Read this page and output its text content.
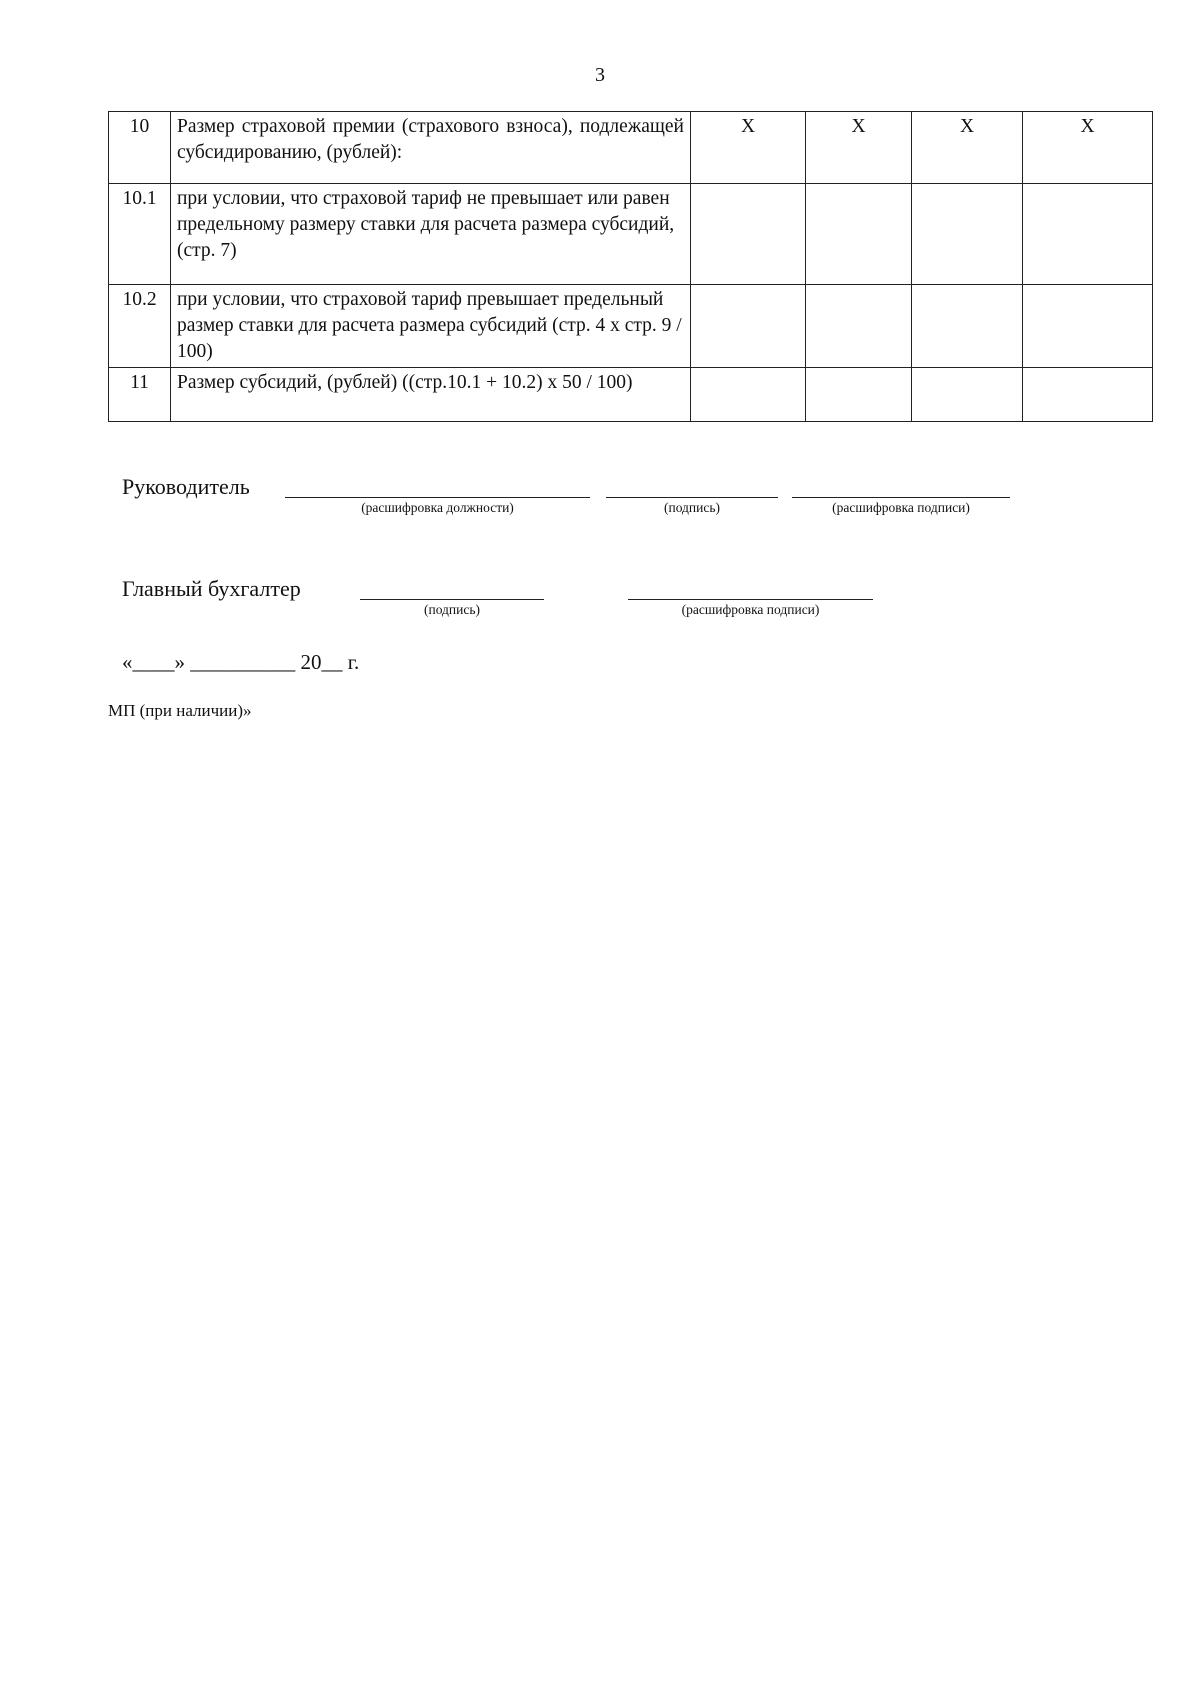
3
10	Размер страховой премии (страхового взноса), подлежащей субсидированию, (рублей):	Х	Х	Х	Х
10.1	при условии, что страховой тариф не превышает или равен предельному размеру ставки для расчета размера субсидий, (стр. 7)				
10.2	при условии, что страховой тариф превышает предельный размер ставки для расчета размера субсидий (стр. 4 х стр. 9 / 100)				
11	Размер субсидий, (рублей) ((стр.10.1 + 10.2) х 50 / 100)				
Руководитель
(расшифровка должности)	(подпись)	(расшифровка подписи)
Главный бухгалтер
(подпись)	(расшифровка подписи)
«____» __________ 20__ г.
МП (при наличии)»
